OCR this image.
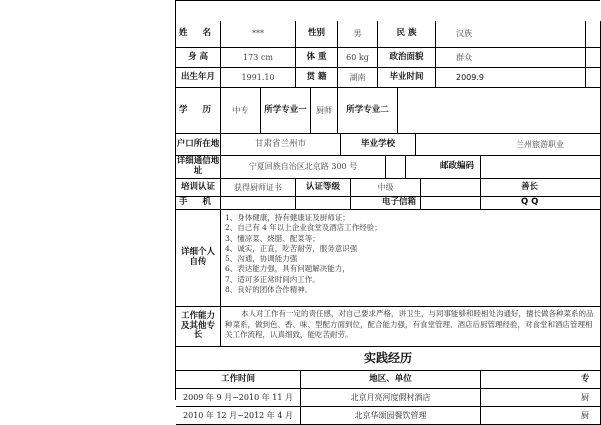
姓 名	***	性别	男	民 族	汉族
身 高	173 cm	体 重	60 kg	政治面貌	群众
出生年月	1991.10	贯 籍	湖南	毕业时间	2009.9
学 历	中专	所学专业一	厨师	所学专业二
户口所在地	甘肃省兰州市	毕业学校	兰州旅游职业
详细通信地址	宁夏回族自治区北京路 300 号	邮政编码
培训认证	获得厨师证书	认证等级	中级	善长
手 机	电子信箱	Q Q
详细个人自传
1、身体健康，持有健康证及厨师证；
2、自己有 4 年以上企业食堂及酒店工作经验；
3、懂凉菜、烧腊、配菜等；
4、诚实，正直，吃苦耐劳，服务意识强
5、沟通，协调能力强
6、表达能力强，具有问题解决能力，
7、适可多正常时间内工作。
8、良好的团体合作精神。
工作能力及其他专长
本人对工作有一定的责任感，对自己要求严格，讲卫生，与同事能够和睦相处沟通好，擅长做各种菜系的品种菜系，做到色、香、味、型配方面到位，配合能力强，有食堂管理、酒店后厨管理经验，对食堂和酒店管理相关工作流程，认真细致，能吃苦耐劳。
实践经历
工作时间	地区、单位	专
2009 年 9 月~2010 年 11 月	北京月亮河度假村酒店	厨
2010 年 12 月~2012 年 4 月	北京华颂园餐饮管理	厨
